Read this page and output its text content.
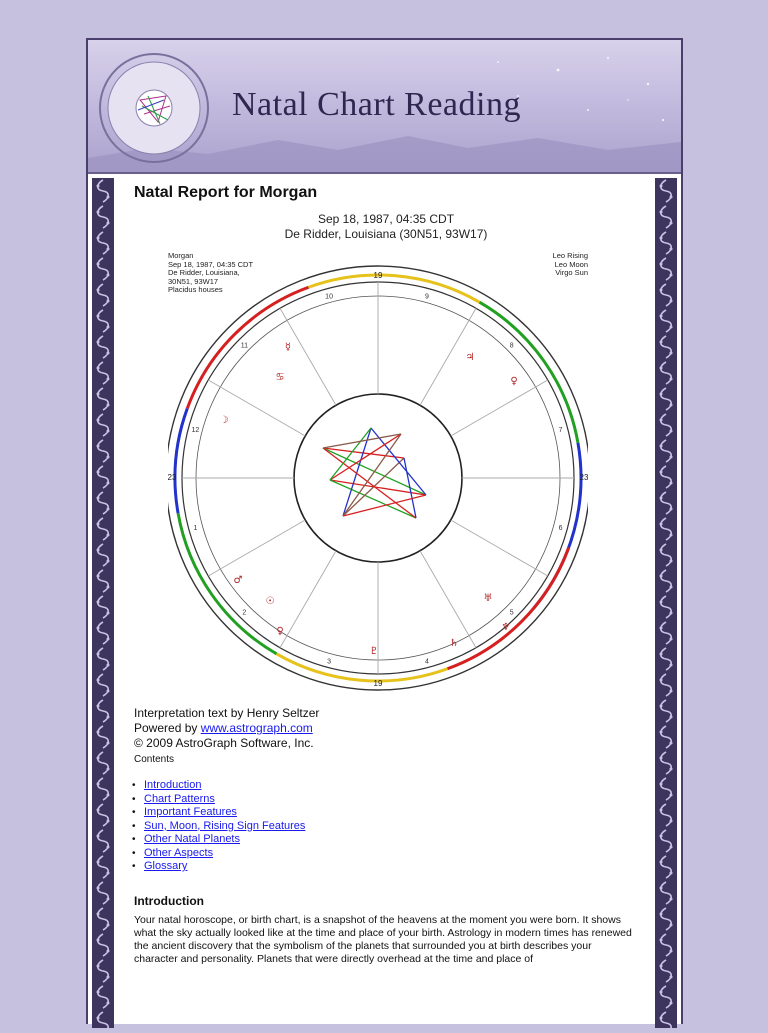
Natal Chart Reading
Natal Report for Morgan
Sep 18, 1987, 04:35 CDT
De Ridder, Louisiana (30N51, 93W17)
1
2
3	4
5
6
7
8
9
10
11
12
19
19
23	23
☿
♋
☽
♂
☉
♀
♃
♀
♅
♆
♄
♇
Morgan
Sep 18, 1987, 04:35 CDT
De Ridder, Louisiana,
30N51, 93W17
Placidus houses
Leo Rising
Leo Moon
Virgo Sun
Interpretation text by Henry Seltzer
Powered by www.astrograph.com
© 2009 AstroGraph Software, Inc.
Contents
• Introduction
• Chart Patterns
• Important Features
• Sun, Moon, Rising Sign Features
• Other Natal Planets
• Other Aspects
• Glossary
Introduction
Your natal horoscope, or birth chart, is a snapshot of the heavens at the moment you were born. It shows what the sky actually looked like at the time and place of your birth. Astrology in modern times has renewed the ancient discovery that the symbolism of the planets that surrounded you at birth describes your character and personality. Planets that were directly overhead at the time and place of
